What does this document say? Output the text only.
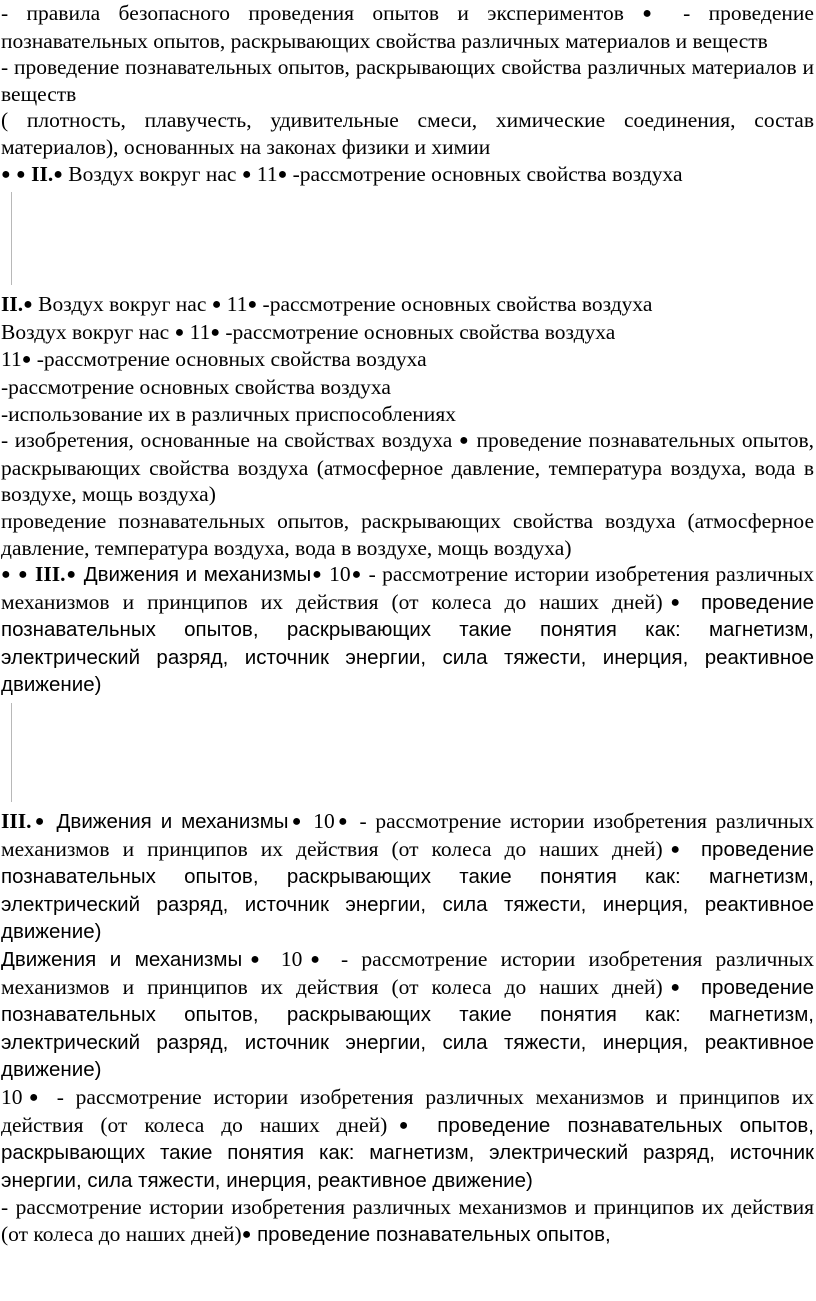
- правила безопасного проведения опытов и экспериментов ● - проведение познавательных опытов, раскрывающих свойства различных материалов и веществ

- проведение познавательных опытов, раскрывающих свойства различных материалов и веществ

( плотность, плавучесть, удивительные смеси, химические соединения, состав материалов), основанных на законах физики и химии

● ● II.● Воздух вокруг нас ● 11● -рассмотрение основных свойства воздуха

II.● Воздух вокруг нас ● 11● -рассмотрение основных свойства воздуха

Воздух вокруг нас ● 11● -рассмотрение основных свойства воздуха

11● -рассмотрение основных свойства воздуха

-рассмотрение основных свойства воздуха

-использование их в различных приспособлениях

- изобретения, основанные на свойствах воздуха ● проведение познавательных опытов, раскрывающих свойства воздуха (атмосферное давление, температура воздуха, вода в воздухе, мощь воздуха)

проведение познавательных опытов, раскрывающих свойства воздуха (атмосферное давление, температура воздуха, вода в воздухе, мощь воздуха)

● ● III.● Движения и механизмы● 10● - рассмотрение истории изобретения различных механизмов и принципов их действия (от колеса до наших дней)● проведение познавательных опытов, раскрывающих такие понятия как: магнетизм, электрический разряд, источник энергии, сила тяжести, инерция, реактивное движение)

III.● Движения и механизмы● 10● - рассмотрение истории изобретения различных механизмов и принципов их действия (от колеса до наших дней)● проведение познавательных опытов, раскрывающих такие понятия как: магнетизм, электрический разряд, источник энергии, сила тяжести, инерция, реактивное движение)

Движения и механизмы● 10● - рассмотрение истории изобретения различных механизмов и принципов их действия (от колеса до наших дней)● проведение познавательных опытов, раскрывающих такие понятия как: магнетизм, электрический разряд, источник энергии, сила тяжести, инерция, реактивное движение)

10● - рассмотрение истории изобретения различных механизмов и принципов их действия (от колеса до наших дней)● проведение познавательных опытов, раскрывающих такие понятия как: магнетизм, электрический разряд, источник энергии, сила тяжести, инерция, реактивное движение)

- рассмотрение истории изобретения различных механизмов и принципов их действия (от колеса до наших дней)● проведение познавательных опытов,
